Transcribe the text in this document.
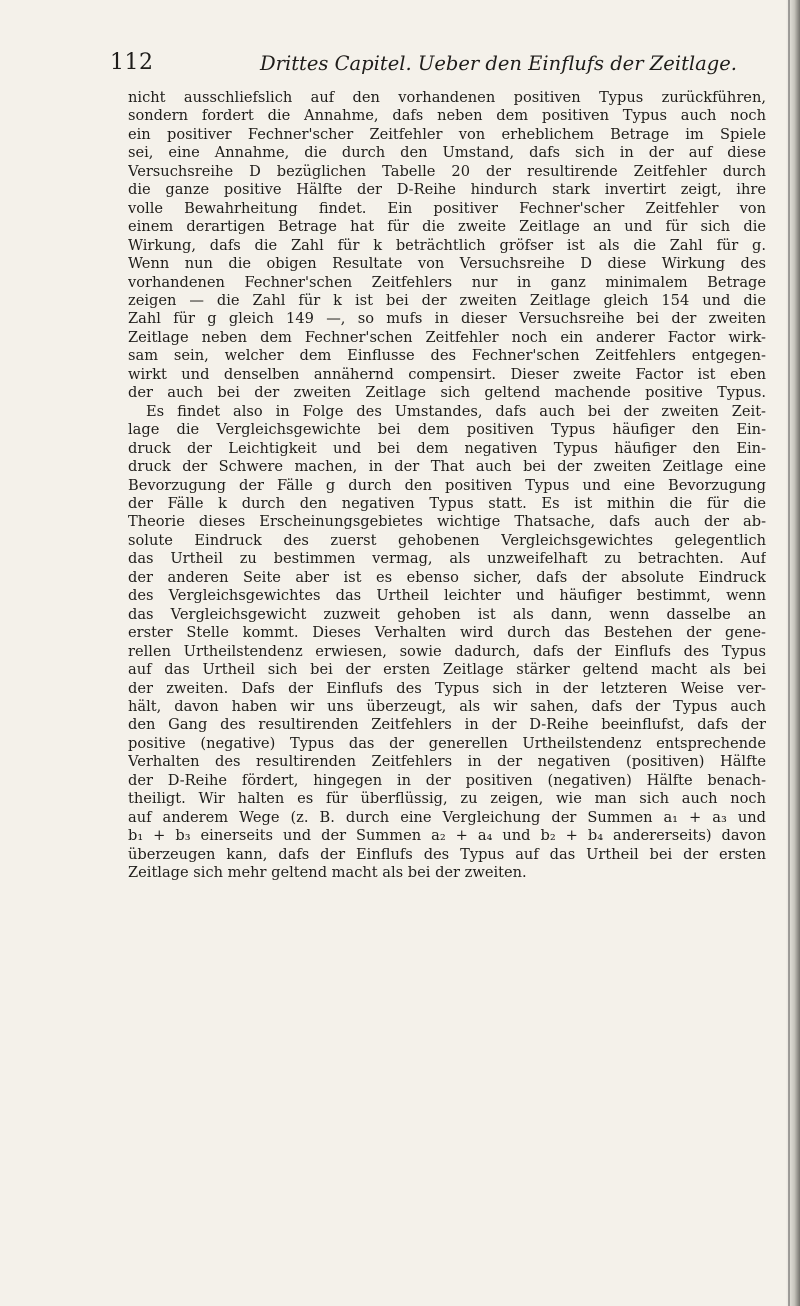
112	Drittes Capitel. Ueber den Einflufs der Zeitlage.
nicht ausschliefslich auf den vorhandenen positiven Typus zurückführen,
sondern fordert die Annahme, dafs neben dem positiven Typus auch noch
ein positiver Fechner'scher Zeitfehler von erheblichem Betrage im Spiele
sei, eine Annahme, die durch den Umstand, dafs sich in der auf diese
Versuchsreihe D bezüglichen Tabelle 20 der resultirende Zeitfehler durch
die ganze positive Hälfte der D-Reihe hindurch stark invertirt zeigt, ihre
volle Bewahrheitung findet. Ein positiver Fechner'scher Zeitfehler von
einem derartigen Betrage hat für die zweite Zeitlage an und für sich die
Wirkung, dafs die Zahl für k beträchtlich gröfser ist als die Zahl für g.
Wenn nun die obigen Resultate von Versuchsreihe D diese Wirkung des
vorhandenen Fechner'schen Zeitfehlers nur in ganz minimalem Betrage
zeigen — die Zahl für k ist bei der zweiten Zeitlage gleich 154 und die
Zahl für g gleich 149 —, so mufs in dieser Versuchsreihe bei der zweiten
Zeitlage neben dem Fechner'schen Zeitfehler noch ein anderer Factor wirk-
sam sein, welcher dem Einflusse des Fechner'schen Zeitfehlers entgegen-
wirkt und denselben annähernd compensirt. Dieser zweite Factor ist eben
der auch bei der zweiten Zeitlage sich geltend machende positive Typus.
Es findet also in Folge des Umstandes, dafs auch bei der zweiten Zeit-
lage die Vergleichsgewichte bei dem positiven Typus häufiger den Ein-
druck der Leichtigkeit und bei dem negativen Typus häufiger den Ein-
druck der Schwere machen, in der That auch bei der zweiten Zeitlage eine
Bevorzugung der Fälle g durch den positiven Typus und eine Bevorzugung
der Fälle k durch den negativen Typus statt. Es ist mithin die für die
Theorie dieses Erscheinungsgebietes wichtige Thatsache, dafs auch der ab-
solute Eindruck des zuerst gehobenen Vergleichsgewichtes gelegentlich
das Urtheil zu bestimmen vermag, als unzweifelhaft zu betrachten. Auf
der anderen Seite aber ist es ebenso sicher, dafs der absolute Eindruck
des Vergleichsgewichtes das Urtheil leichter und häufiger bestimmt, wenn
das Vergleichsgewicht zuzweit gehoben ist als dann, wenn dasselbe an
erster Stelle kommt. Dieses Verhalten wird durch das Bestehen der gene-
rellen Urtheilstendenz erwiesen, sowie dadurch, dafs der Einflufs des Typus
auf das Urtheil sich bei der ersten Zeitlage stärker geltend macht als bei
der zweiten. Dafs der Einflufs des Typus sich in der letzteren Weise ver-
hält, davon haben wir uns überzeugt, als wir sahen, dafs der Typus auch
den Gang des resultirenden Zeitfehlers in der D-Reihe beeinflufst, dafs der
positive (negative) Typus das der generellen Urtheilstendenz entsprechende
Verhalten des resultirenden Zeitfehlers in der negativen (positiven) Hälfte
der D-Reihe fördert, hingegen in der positiven (negativen) Hälfte benach-
theiligt. Wir halten es für überflüssig, zu zeigen, wie man sich auch noch
auf anderem Wege (z. B. durch eine Vergleichung der Summen a₁ + a₃ und
b₁ + b₃ einerseits und der Summen a₂ + a₄ und b₂ + b₄ andererseits) davon
überzeugen kann, dafs der Einflufs des Typus auf das Urtheil bei der ersten
Zeitlage sich mehr geltend macht als bei der zweiten.
